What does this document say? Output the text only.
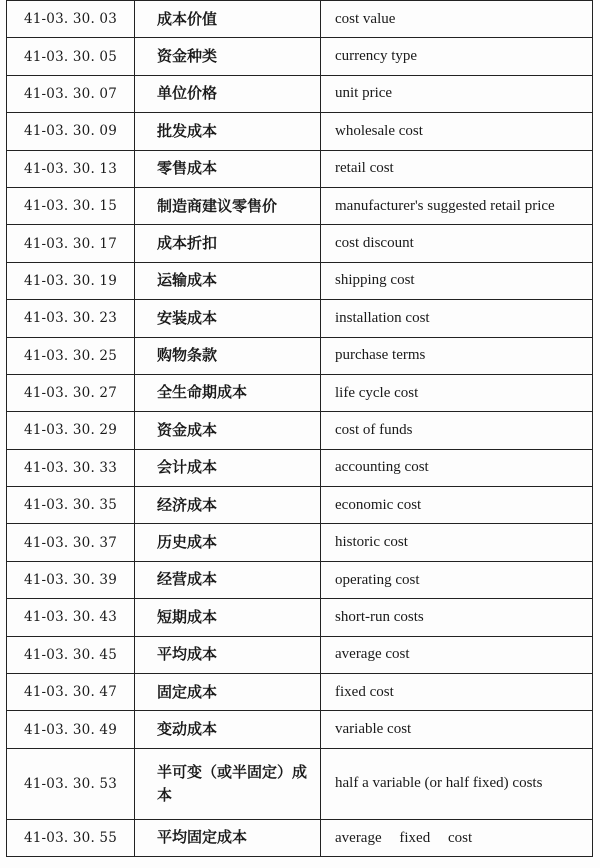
41-03. 30. 03	成本价值	cost value
41-03. 30. 05	资金种类	currency type
41-03. 30. 07	单位价格	unit price
41-03. 30. 09	批发成本	wholesale cost
41-03. 30. 13	零售成本	retail cost
41-03. 30. 15	制造商建议零售价	manufacturer's suggested retail price
41-03. 30. 17	成本折扣	cost discount
41-03. 30. 19	运输成本	shipping cost
41-03. 30. 23	安装成本	installation cost
41-03. 30. 25	购物条款	purchase terms
41-03. 30. 27	全生命期成本	life cycle cost
41-03. 30. 29	资金成本	cost of funds
41-03. 30. 33	会计成本	accounting cost
41-03. 30. 35	经济成本	economic cost
41-03. 30. 37	历史成本	historic cost
41-03. 30. 39	经营成本	operating cost
41-03. 30. 43	短期成本	short-run costs
41-03. 30. 45	平均成本	average cost
41-03. 30. 47	固定成本	fixed cost
41-03. 30. 49	变动成本	variable cost
41-03. 30. 53	半可变（或半固定）成本	half a variable (or half fixed) costs
41-03. 30. 55	平均固定成本	average fixed cost
